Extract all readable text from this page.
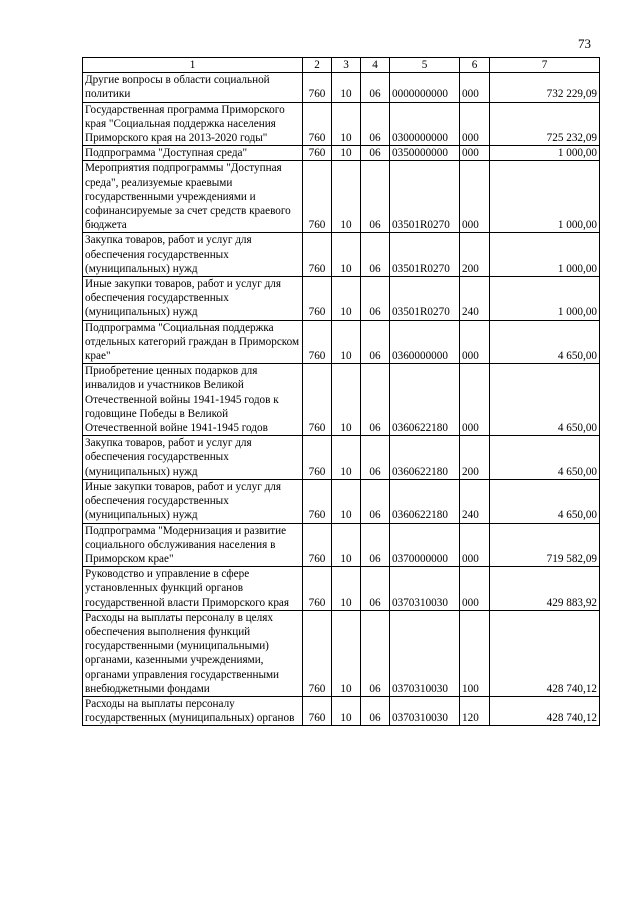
73
1	2	3	4	5	6	7
Другие вопросы в области социальной политики	760	10	06	0000000000	000	732 229,09
Государственная программа Приморского края "Социальная поддержка населения Приморского края на 2013-2020 годы"	760	10	06	0300000000	000	725 232,09
Подпрограмма "Доступная среда"	760	10	06	0350000000	000	1 000,00
Мероприятия подпрограммы "Доступная среда", реализуемые краевыми государственными учреждениями и софинансируемые за счет средств краевого бюджета	760	10	06	03501R0270	000	1 000,00
Закупка товаров, работ и услуг для обеспечения государственных (муниципальных) нужд	760	10	06	03501R0270	200	1 000,00
Иные закупки товаров, работ и услуг для обеспечения государственных (муниципальных) нужд	760	10	06	03501R0270	240	1 000,00
Подпрограмма "Социальная поддержка отдельных категорий граждан в Приморском крае"	760	10	06	0360000000	000	4 650,00
Приобретение ценных подарков для инвалидов и участников Великой Отечественной войны 1941-1945 годов к годовщине Победы в Великой Отечественной войне 1941-1945 годов	760	10	06	0360622180	000	4 650,00
Закупка товаров, работ и услуг для обеспечения государственных (муниципальных) нужд	760	10	06	0360622180	200	4 650,00
Иные закупки товаров, работ и услуг для обеспечения государственных (муниципальных) нужд	760	10	06	0360622180	240	4 650,00
Подпрограмма "Модернизация и развитие социального обслуживания населения в Приморском крае"	760	10	06	0370000000	000	719 582,09
Руководство и управление в сфере установленных функций органов государственной власти Приморского края	760	10	06	0370310030	000	429 883,92
Расходы на выплаты персоналу в целях обеспечения выполнения функций государственными (муниципальными) органами, казенными учреждениями, органами управления государственными внебюджетными фондами	760	10	06	0370310030	100	428 740,12
Расходы на выплаты персоналу государственных (муниципальных) органов	760	10	06	0370310030	120	428 740,12
